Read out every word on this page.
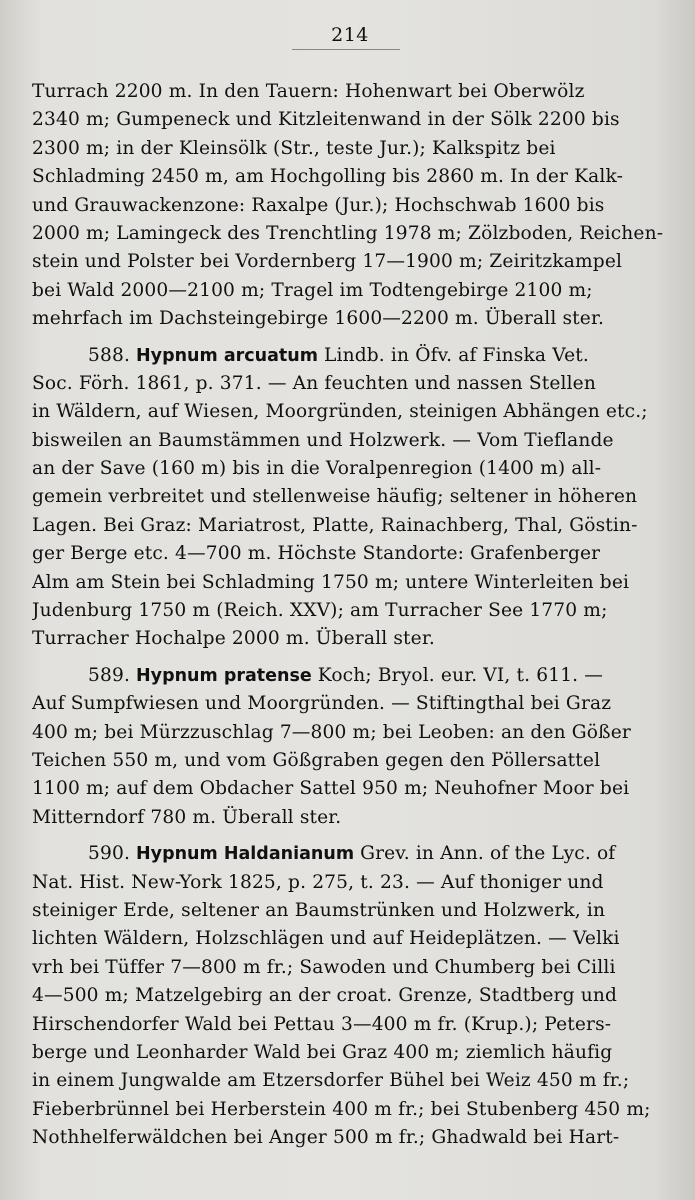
214
Turrach 2200 m. In den Tauern: Hohenwart bei Oberwölz
2340 m; Gumpeneck und Kitzleitenwand in der Sölk 2200 bis
2300 m; in der Kleinsölk (Str., teste Jur.); Kalkspitz bei
Schladming 2450 m, am Hochgolling bis 2860 m. In der Kalk-
und Grauwackenzone: Raxalpe (Jur.); Hochschwab 1600 bis
2000 m; Lamingeck des Trenchtling 1978 m; Zölzboden, Reichen-
stein und Polster bei Vordernberg 17—1900 m; Zeiritzkampel
bei Wald 2000—2100 m; Tragel im Todtengebirge 2100 m;
mehrfach im Dachsteingebirge 1600—2200 m. Überall ster.
588. Hypnum arcuatum Lindb. in Öfv. af Finska Vet.
Soc. Förh. 1861, p. 371. — An feuchten und nassen Stellen
in Wäldern, auf Wiesen, Moorgründen, steinigen Abhängen etc.;
bisweilen an Baumstämmen und Holzwerk. — Vom Tieflande
an der Save (160 m) bis in die Voralpenregion (1400 m) all-
gemein verbreitet und stellenweise häufig; seltener in höheren
Lagen. Bei Graz: Mariatrost, Platte, Rainachberg, Thal, Göstin-
ger Berge etc. 4—700 m. Höchste Standorte: Grafenberger
Alm am Stein bei Schladming 1750 m; untere Winterleiten bei
Judenburg 1750 m (Reich. XXV); am Turracher See 1770 m;
Turracher Hochalpe 2000 m. Überall ster.
589. Hypnum pratense Koch; Bryol. eur. VI, t. 611. —
Auf Sumpfwiesen und Moorgründen. — Stiftingthal bei Graz
400 m; bei Mürzzuschlag 7—800 m; bei Leoben: an den Gößer
Teichen 550 m, und vom Gößgraben gegen den Pöllersattel
1100 m; auf dem Obdacher Sattel 950 m; Neuhofner Moor bei
Mitterndorf 780 m. Überall ster.
590. Hypnum Haldanianum Grev. in Ann. of the Lyc. of
Nat. Hist. New-York 1825, p. 275, t. 23. — Auf thoniger und
steiniger Erde, seltener an Baumstrünken und Holzwerk, in
lichten Wäldern, Holzschlägen und auf Heideplätzen. — Velki
vrh bei Tüffer 7—800 m fr.; Sawoden und Chumberg bei Cilli
4—500 m; Matzelgebirg an der croat. Grenze, Stadtberg und
Hirschendorfer Wald bei Pettau 3—400 m fr. (Krup.); Peters-
berge und Leonharder Wald bei Graz 400 m; ziemlich häufig
in einem Jungwalde am Etzersdorfer Bühel bei Weiz 450 m fr.;
Fieberbrünnel bei Herberstein 400 m fr.; bei Stubenberg 450 m;
Nothhelferwäldchen bei Anger 500 m fr.; Ghadwald bei Hart-
